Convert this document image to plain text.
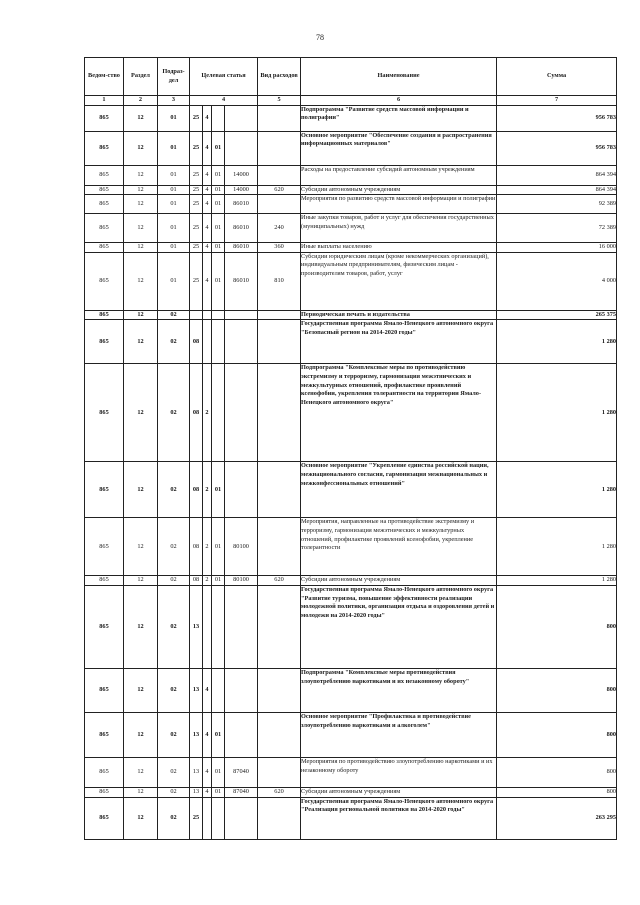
78
Ведом-ство	Раздел	Подраз-дел	Целевая статья				Вид расходов	Наименование	Сумма
1	2	3	4				5	6	7
865	12	01	25	4				Подпрограмма "Развитие средств массовой информации и полиграфии"	956 783
865	12	01	25	4	01			Основное мероприятие "Обеспечение создания и распространения информационных материалов"	956 783
865	12	01	25	4	01	14000		Расходы на предоставление субсидий автономным учреждениям	864 394
865	12	01	25	4	01	14000	620	Субсидии автономным учреждениям	864 394
865	12	01	25	4	01	86010		Мероприятия по развитию средств массовой информации и полиграфии	92 389
865	12	01	25	4	01	86010	240	Иные закупки товаров, работ и услуг для обеспечения государственных (муниципальных) нужд	72 389
865	12	01	25	4	01	86010	360	Иные выплаты населению	16 000
865	12	01	25	4	01	86010	810	Субсидии юридическим лицам (кроме некоммерческих организаций), индивидуальным предпринимателям, физическим лицам - производителям товаров, работ, услуг	4 000
865	12	02						Периодическая печать и издательства	265 375
865	12	02	08					Государственная программа Ямало-Ненецкого автономного округа "Безопасный регион на 2014-2020 годы"	1 280
865	12	02	08	2				Подпрограмма "Комплексные меры по противодействию экстремизму и терроризму, гармонизация межэтнических и межкультурных отношений, профилактике проявлений ксенофобии, укрепления толерантности на территории Ямало-Ненецкого автономного округа"	1 280
865	12	02	08	2	01			Основное мероприятие "Укрепление единства российской нации, межнационального согласия, гармонизация межнациональных и межконфессиональных отношений"	1 280
865	12	02	08	2	01	80100		Мероприятия, направленные на противодействие экстремизму и терроризму, гармонизация межэтнических и межкультурных отношений, профилактике проявлений ксенофобии, укрепление толерантности	1 280
865	12	02	08	2	01	80100	620	Субсидии автономным учреждениям	1 280
865	12	02	13					Государственная программа Ямало-Ненецкого автономного округа "Развитие туризма, повышение эффективности реализации молодежной политики, организация отдыха и оздоровления детей и молодежи на 2014-2020 годы"	800
865	12	02	13	4				Подпрограмма "Комплексные меры противодействия злоупотреблению наркотиками и их незаконному обороту"	800
865	12	02	13	4	01			Основное мероприятие "Профилактика и противодействие злоупотреблению наркотиками и алкоголем"	800
865	12	02	13	4	01	87040		Мероприятия по противодействию злоупотреблению наркотиками и их незаконному обороту	800
865	12	02	13	4	01	87040	620	Субсидии автономным учреждениям	800
865	12	02	25					Государственная программа Ямало-Ненецкого автономного округа "Реализация региональной политики на 2014-2020 годы"	263 295
